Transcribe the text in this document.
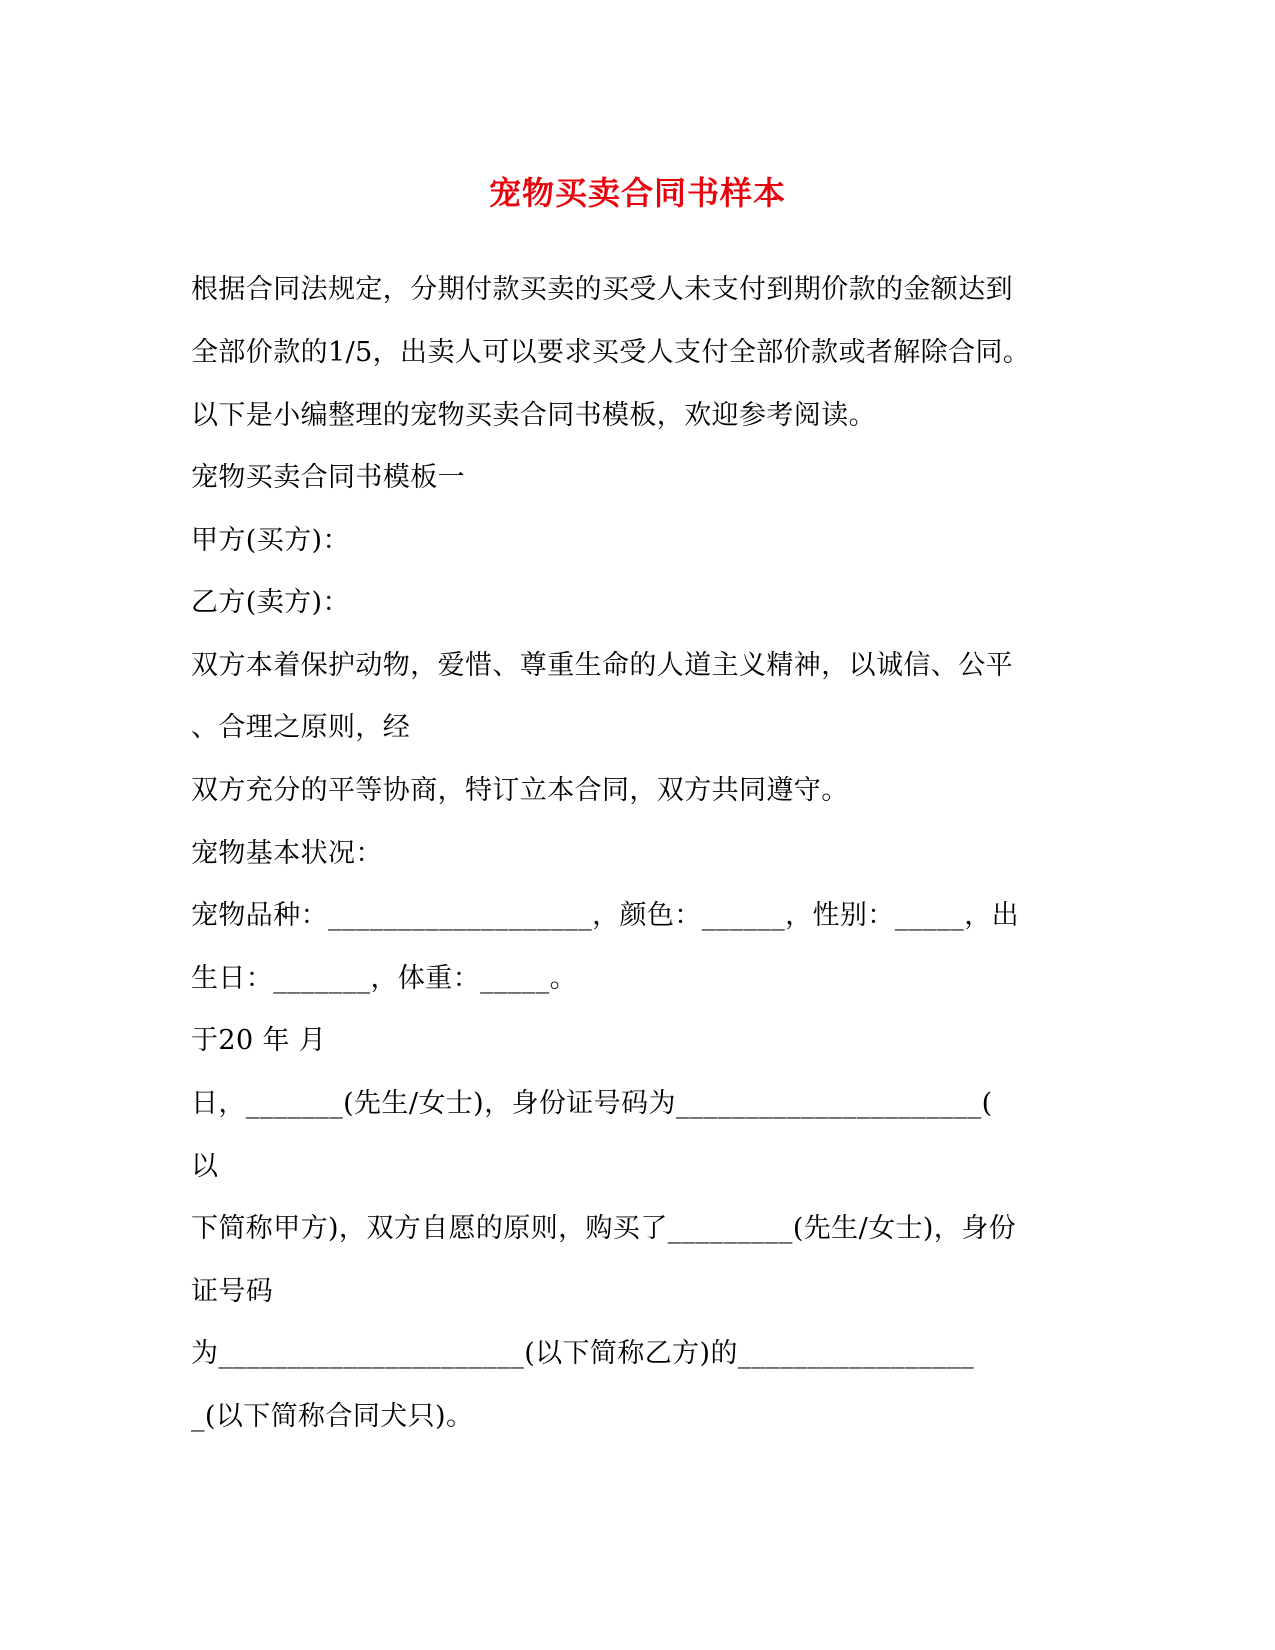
宠物买卖合同书样本
根据合同法规定，分期付款买卖的买受人未支付到期价款的金额达到
全部价款的1/5，出卖人可以要求买受人支付全部价款或者解除合同。
以下是小编整理的宠物买卖合同书模板，欢迎参考阅读。
宠物买卖合同书模板一
甲方(买方)：
乙方(卖方)：
双方本着保护动物，爱惜、尊重生命的人道主义精神，以诚信、公平
、合理之原则，经
双方充分的平等协商，特订立本合同，双方共同遵守。
宠物基本状况：
宠物品种：___________________，颜色：______，性别：_____，出
生日：_______，体重：_____。
于20 年 月
日，_______(先生/女士)，身份证号码为______________________(
以
下简称甲方)，双方自愿的原则，购买了_________(先生/女士)，身份
证号码
为______________________(以下简称乙方)的_________________
_(以下简称合同犬只)。
